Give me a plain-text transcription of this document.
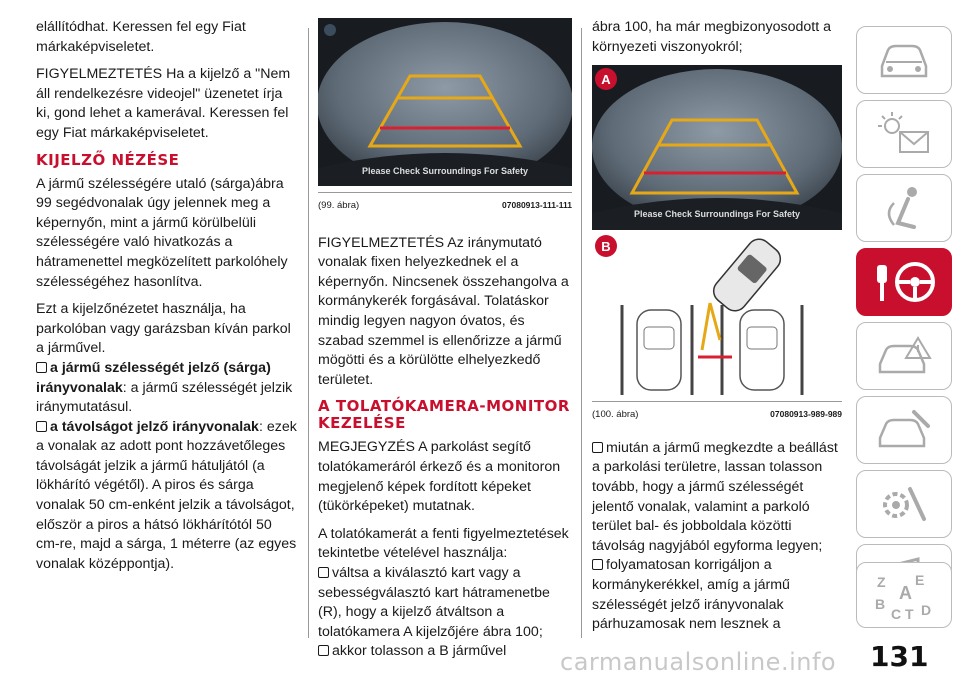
elállítódhat. Keressen fel egy Fiat márkaképviseletet.

FIGYELMEZTETÉS Ha a kijelző a "Nem áll rendelkezésre videojel" üzenetet írja ki, gond lehet a kamerával. Keressen fel egy Fiat márkaképviseletet.

KIJELZŐ NÉZÉSE

A jármű szélességére utaló (sárga)ábra 99 segédvonalak úgy jelennek meg a képernyőn, mint a jármű körülbelüli szélességére való hivatkozás a hátramenettel megközelített parkolóhely szélességéhez hasonlítva.

Ezt a kijelzőnézetet használja, ha parkolóban vagy garázsban kíván parkol a járművel.

a jármű szélességét jelző (sárga) irányvonalak: a jármű szélességét jelzik iránymutatásul.
a távolságot jelző irányvonalak: ezek a vonalak az adott pont hozzávetőleges távolságát jelzik a jármű hátuljától (a lökhárító végétől). A piros és sárga vonalak 50 cm-enként jelzik a távolságot, először a piros a hátsó lökhárítótól 50 cm-re, majd a sárga, 1 méterre (az egyes vonalak középpontja).
Please Check Surroundings For Safety
(99. ábra)	07080913-111-111

FIGYELMEZTETÉS Az iránymutató vonalak fixen helyezkednek el a képernyőn. Nincsenek összehangolva a kormánykerék forgásával. Tolatáskor mindig legyen nagyon óvatos, és szabad szemmel is ellenőrizze a jármű mögötti és a körülötte elhelyezkedő területet.

A TOLATÓKAMERA-MONITOR KEZELÉSE

MEGJEGYZÉS A parkolást segítő tolatókameráról érkező és a monitoron megjelenő képek fordított képeket (tükörképeket) mutatnak.

A tolatókamerát a fenti figyelmeztetések tekintetbe vételével használja:

váltsa a kiválasztó kart vagy a sebességválasztó kart hátramenetbe (R), hogy a kijelző átváltson a tolatókamera A kijelzőjére ábra 100;
akkor tolasson a B járművel

ábra 100, ha már megbizonyosodott a környezeti viszonyokról;

Please Check Surroundings For Safety
A
B
(100. ábra)	07080913-989-989
miután a jármű megkezdte a beállást a parkolási területre, lassan tolasson tovább, hogy a jármű szélességét jelentő vonalak, valamint a parkoló terület bal- és jobboldala közötti távolság nagyjából egyforma legyen;
folyamatosan korrigáljon a kormánykerékkel, amíg a jármű szélességét jelző irányvonalak párhuzamosak nem lesznek a
Z E
A
B
C T D
carmanualsonline.info 131
